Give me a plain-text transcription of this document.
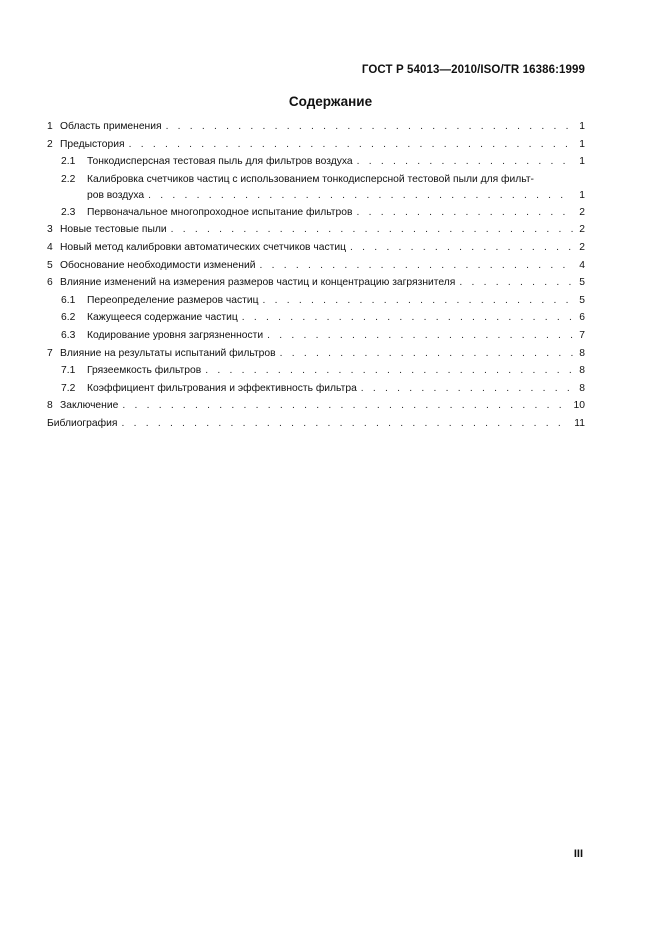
ГОСТ Р 54013—2010/ISO/TR 16386:1999
Содержание
1 Область применения . . .	1
2 Предыстория . . .	1
2.1	Тонкодисперсная тестовая пыль для фильтров воздуха . . .	1
2.2	Калибровка счетчиков частиц с использованием тонкодисперсной тестовой пыли для фильт-
ров воздуха . . .	1
2.3	Первоначальное многопроходное испытание фильтров . . .	2
3 Новые тестовые пыли . . .	2
4 Новый метод калибровки автоматических счетчиков частиц . . .	2
5 Обоснование необходимости изменений . . .	4
6 Влияние изменений на измерения размеров частиц и концентрацию загрязнителя . . .	5
6.1	Переопределение размеров частиц . . .	5
6.2	Кажущееся содержание частиц . . .	6
6.3	Кодирование уровня загрязненности . . .	7
7 Влияние на результаты испытаний фильтров . . .	8
7.1	Грязеемкость фильтров . . .	8
7.2	Коэффициент фильтрования и эффективность фильтра . . .	8
8 Заключение . . .	10
Библиография . . .	11
III
